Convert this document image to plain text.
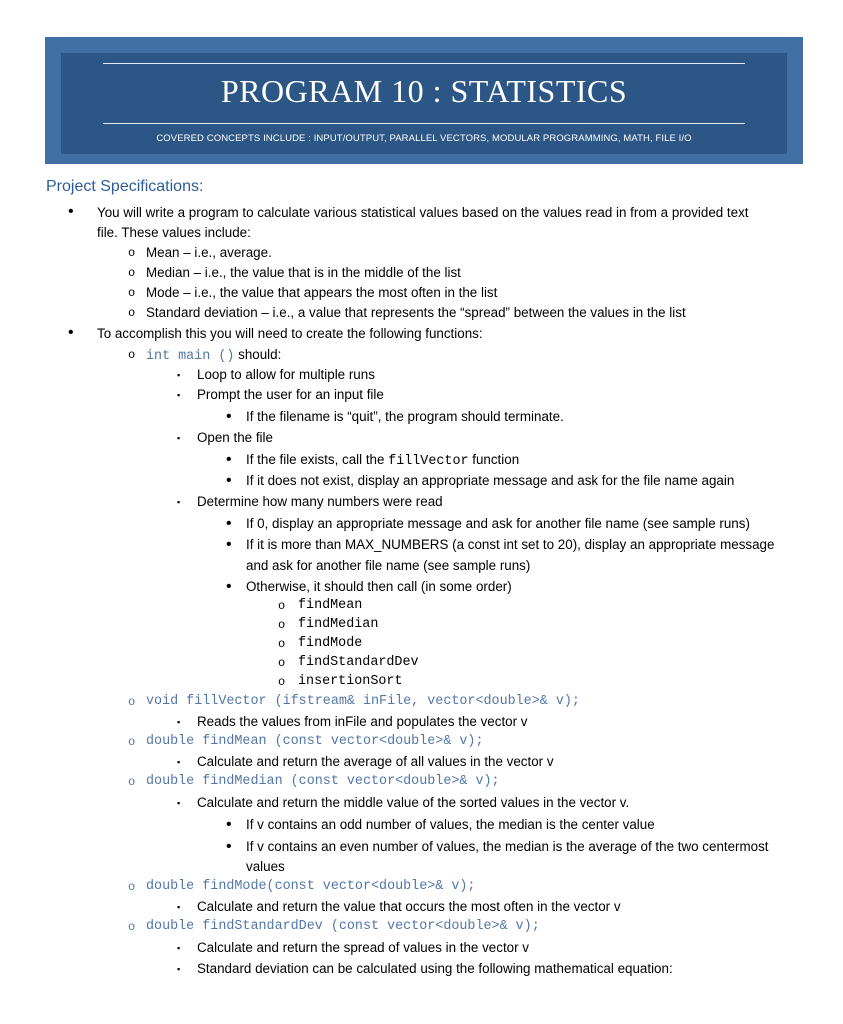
PROGRAM 10 : STATISTICS
COVERED CONCEPTS INCLUDE : INPUT/OUTPUT, PARALLEL VECTORS, MODULAR PROGRAMMING, MATH, FILE I/O
Project Specifications:
• You will write a program to calculate various statistical values based on the values read in from a provided text
file. These values include:
o Mean – i.e., average.
o Median – i.e., the value that is in the middle of the list
o Mode – i.e., the value that appears the most often in the list
o Standard deviation – i.e., a value that represents the “spread” between the values in the list
• To accomplish this you will need to create the following functions:
o int main () should:
▪ Loop to allow for multiple runs
▪ Prompt the user for an input file
• If the filename is “quit”, the program should terminate.
▪ Open the file
• If the file exists, call the fillVector function
• If it does not exist, display an appropriate message and ask for the file name again
▪ Determine how many numbers were read
• If 0, display an appropriate message and ask for another file name (see sample runs)
• If it is more than MAX_NUMBERS (a const int set to 20), display an appropriate message
and ask for another file name (see sample runs)
• Otherwise, it should then call (in some order)
o findMean
o findMedian
o findMode
o findStandardDev
o insertionSort
o void fillVector (ifstream& inFile, vector<double>& v);
▪ Reads the values from inFile and populates the vector v
o double findMean (const vector<double>& v);
▪ Calculate and return the average of all values in the vector v
o double findMedian (const vector<double>& v);
▪ Calculate and return the middle value of the sorted values in the vector v.
• If v contains an odd number of values, the median is the center value
• If v contains an even number of values, the median is the average of the two centermost
values
o double findMode(const vector<double>& v);
▪ Calculate and return the value that occurs the most often in the vector v
o double findStandardDev (const vector<double>& v);
▪ Calculate and return the spread of values in the vector v
▪ Standard deviation can be calculated using the following mathematical equation:
